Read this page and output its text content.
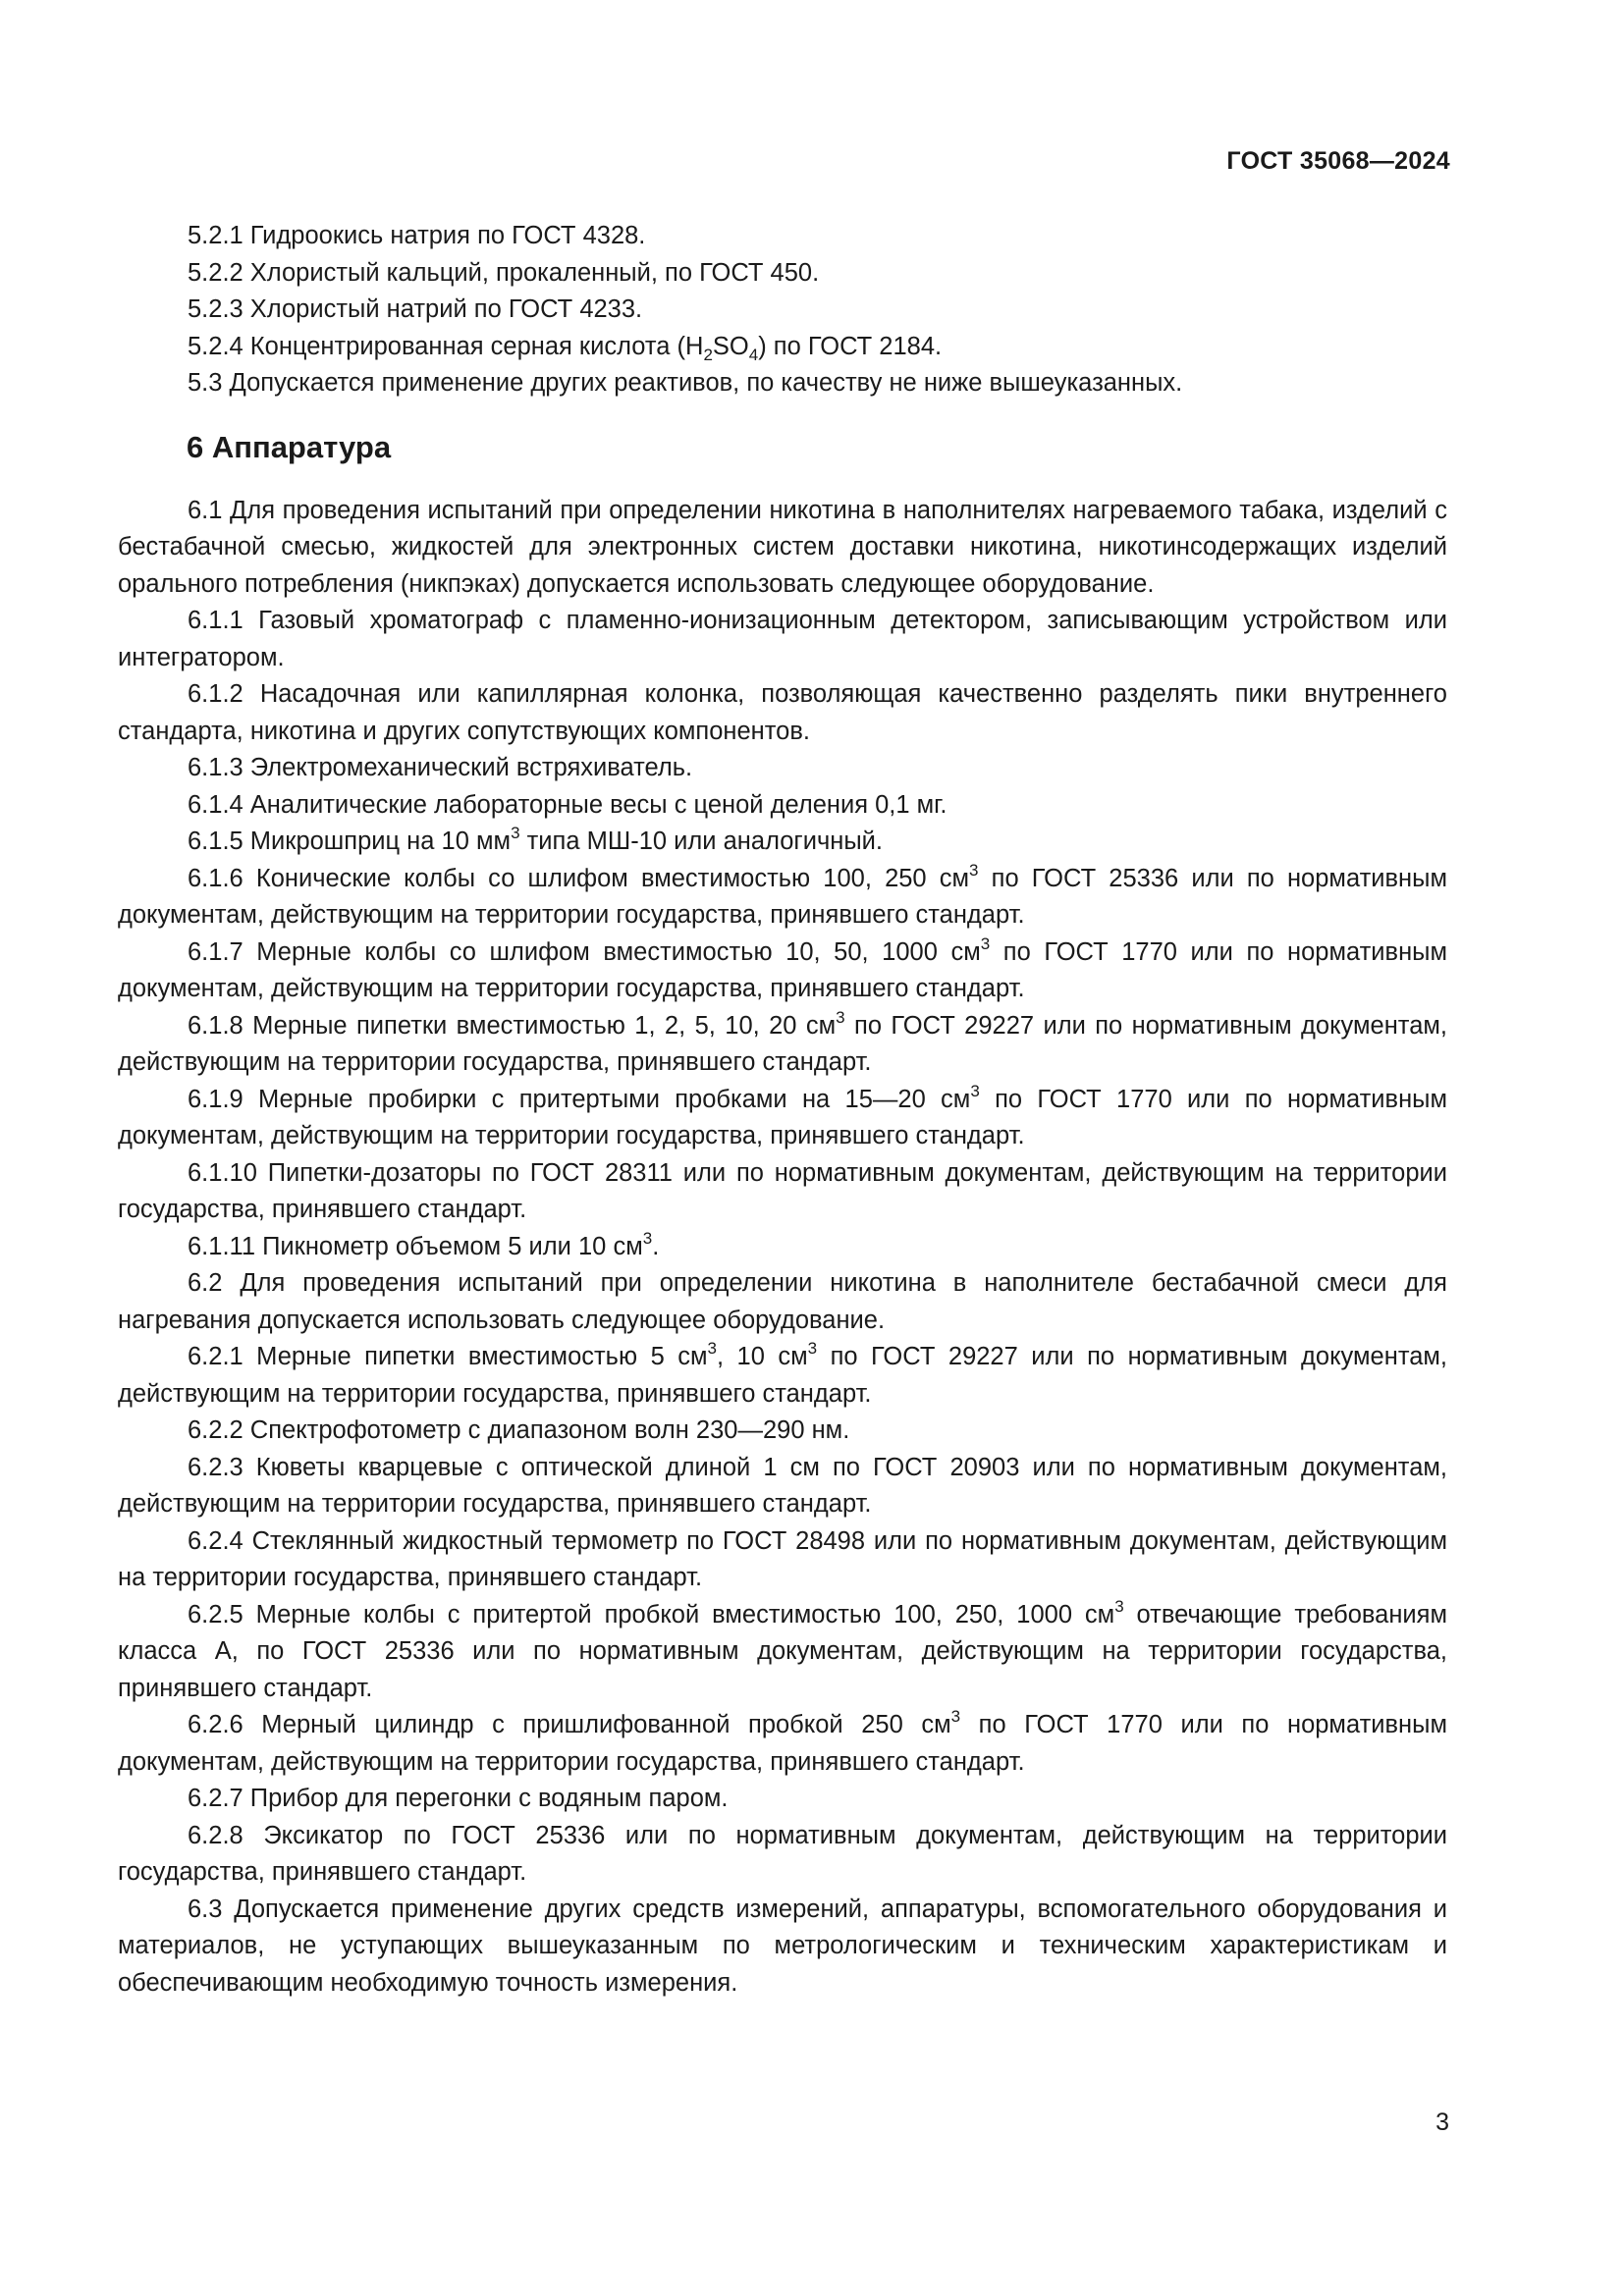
ГОСТ 35068—2024

5.2.1 Гидроокись натрия по ГОСТ 4328.

5.2.2 Хлористый кальций, прокаленный, по ГОСТ 450.

5.2.3 Хлористый натрий по ГОСТ 4233.

5.2.4 Концентрированная серная кислота $(H_2SO_4)$ по ГОСТ 2184.

5.3 Допускается применение других реактивов, по качеству не ниже вышеуказанных.

6 Аппаратура

6.1 Для проведения испытаний при определении никотина в наполнителях нагреваемого табака, изделий с бестабачной смесью, жидкостей для электронных систем доставки никотина, никотинсодержащих изделий орального потребления (никпэках) допускается использовать следующее оборудование.

6.1.1 Газовый хроматограф с пламенно-ионизационным детектором, записывающим устройством или интегратором.

6.1.2 Насадочная или капиллярная колонка, позволяющая качественно разделять пики внутреннего стандарта, никотина и других сопутствующих компонентов.

6.1.3 Электромеханический встряхиватель.

6.1.4 Аналитические лабораторные весы с ценой деления 0,1 мг.

6.1.5 Микрошприц на 10 $мм^3$ типа МШ-10 или аналогичный.

6.1.6 Конические колбы со шлифом вместимостью 100, 250 $см^3$ по ГОСТ 25336 или по нормативным документам, действующим на территории государства, принявшего стандарт.

6.1.7 Мерные колбы со шлифом вместимостью 10, 50, 1000 $см^3$ по ГОСТ 1770 или по нормативным документам, действующим на территории государства, принявшего стандарт.

6.1.8 Мерные пипетки вместимостью 1, 2, 5, 10, 20 $см^3$ по ГОСТ 29227 или по нормативным документам, действующим на территории государства, принявшего стандарт.

6.1.9 Мерные пробирки с притертыми пробками на 15—20 $см^3$ по ГОСТ 1770 или по нормативным документам, действующим на территории государства, принявшего стандарт.

6.1.10 Пипетки-дозаторы по ГОСТ 28311 или по нормативным документам, действующим на территории государства, принявшего стандарт.

6.1.11 Пикнометр объемом 5 или 10 $см^3$.

6.2 Для проведения испытаний при определении никотина в наполнителе бестабачной смеси для нагревания допускается использовать следующее оборудование.

6.2.1 Мерные пипетки вместимостью 5 $см^3$, 10 $см^3$ по ГОСТ 29227 или по нормативным документам, действующим на территории государства, принявшего стандарт.

6.2.2 Спектрофотометр с диапазоном волн 230—290 нм.

6.2.3 Кюветы кварцевые с оптической длиной 1 см по ГОСТ 20903 или по нормативным документам, действующим на территории государства, принявшего стандарт.

6.2.4 Стеклянный жидкостный термометр по ГОСТ 28498 или по нормативным документам, действующим на территории государства, принявшего стандарт.

6.2.5 Мерные колбы с притертой пробкой вместимостью 100, 250, 1000 $см^3$ отвечающие требованиям класса А, по ГОСТ 25336 или по нормативным документам, действующим на территории государства, принявшего стандарт.

6.2.6 Мерный цилиндр с пришлифованной пробкой 250 $см^3$ по ГОСТ 1770 или по нормативным документам, действующим на территории государства, принявшего стандарт.

6.2.7 Прибор для перегонки с водяным паром.

6.2.8 Эксикатор по ГОСТ 25336 или по нормативным документам, действующим на территории государства, принявшего стандарт.

6.3 Допускается применение других средств измерений, аппаратуры, вспомогательного оборудования и материалов, не уступающих вышеуказанным по метрологическим и техническим характеристикам и обеспечивающим необходимую точность измерения.

3
